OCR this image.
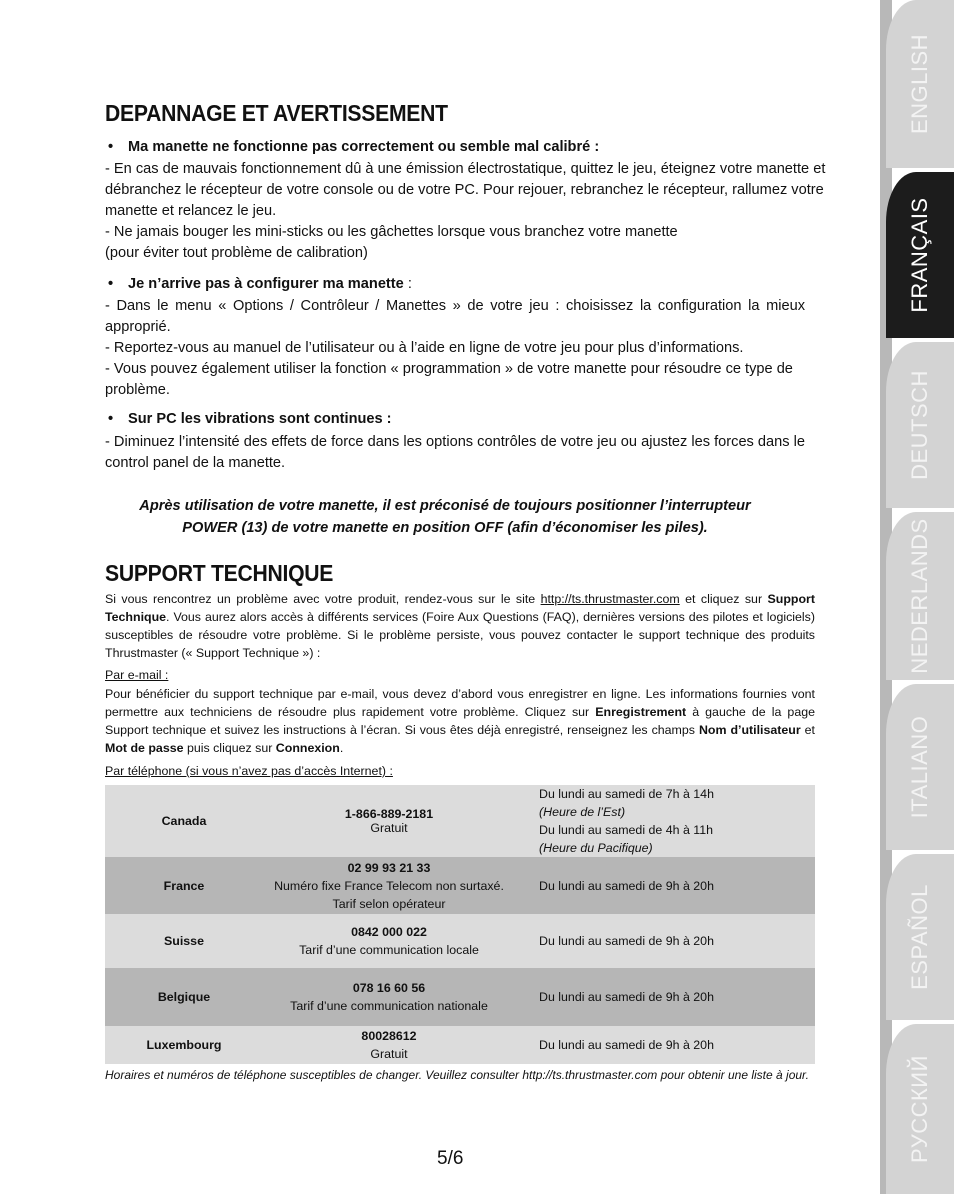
DEPANNAGE ET AVERTISSEMENT

• Ma manette ne fonctionne pas correctement ou semble mal calibré :

- En cas de mauvais fonctionnement dû à une émission électrostatique, quittez le jeu, éteignez votre manette et débranchez le récepteur de votre console ou de votre PC. Pour rejouer, rebranchez le récepteur, rallumez votre manette et relancez le jeu.

- Ne jamais bouger les mini-sticks ou les gâchettes lorsque vous branchez votre manette

(pour éviter tout problème de calibration)

• Je n’arrive pas à configurer ma manette :

- Dans le menu « Options / Contrôleur / Manettes » de votre jeu : choisissez la configuration la mieux approprié.

- Reportez-vous au manuel de l’utilisateur ou à l’aide en ligne de votre jeu pour plus d’informations.

- Vous pouvez également utiliser la fonction « programmation » de votre manette pour résoudre ce type de problème.

• Sur PC les vibrations sont continues :

- Diminuez l’intensité des effets de force dans les options contrôles de votre jeu ou ajustez les forces dans le control panel de la manette.

Après utilisation de votre manette, il est préconisé de toujours positionner l’interrupteur

POWER (13) de votre manette en position OFF (afin d’économiser les piles).

SUPPORT TECHNIQUE

Si vous rencontrez un problème avec votre produit, rendez-vous sur le site http://ts.thrustmaster.com et cliquez sur Support Technique. Vous aurez alors accès à différents services (Foire Aux Questions (FAQ), dernières versions des pilotes et logiciels) susceptibles de résoudre votre problème. Si le problème persiste, vous pouvez contacter le support technique des produits Thrustmaster (« Support Technique ») :

Par e-mail :

Pour bénéficier du support technique par e-mail, vous devez d’abord vous enregistrer en ligne. Les informations fournies vont permettre aux techniciens de résoudre plus rapidement votre problème. Cliquez sur Enregistrement à gauche de la page Support technique et suivez les instructions à l’écran. Si vous êtes déjà enregistré, renseignez les champs Nom d’utilisateur et Mot de passe puis cliquez sur Connexion.

Par téléphone (si vous n’avez pas d’accès Internet) :

Canada	1-866-889-2181
Gratuit		Du lundi au samedi de 7h à 14h
(Heure de l’Est)
Du lundi au samedi de 4h à 11h
(Heure du Pacifique)
France	02 99 93 21 33
Numéro fixe France Telecom non surtaxé.
Tarif selon opérateur		Du lundi au samedi de 9h à 20h
Suisse	0842 000 022
Tarif d’une communication locale		Du lundi au samedi de 9h à 20h
Belgique	078 16 60 56
Tarif d’une communication nationale		Du lundi au samedi de 9h à 20h
Luxembourg	80028612
Gratuit		Du lundi au samedi de 9h à 20h

Horaires et numéros de téléphone susceptibles de changer. Veuillez consulter http://ts.thrustmaster.com pour obtenir une liste à jour.

5/6
ENGLISH
FRANÇAIS
DEUTSCH
NEDERLANDS
ITALIANO
ESPAÑOL
РУССКИЙ
